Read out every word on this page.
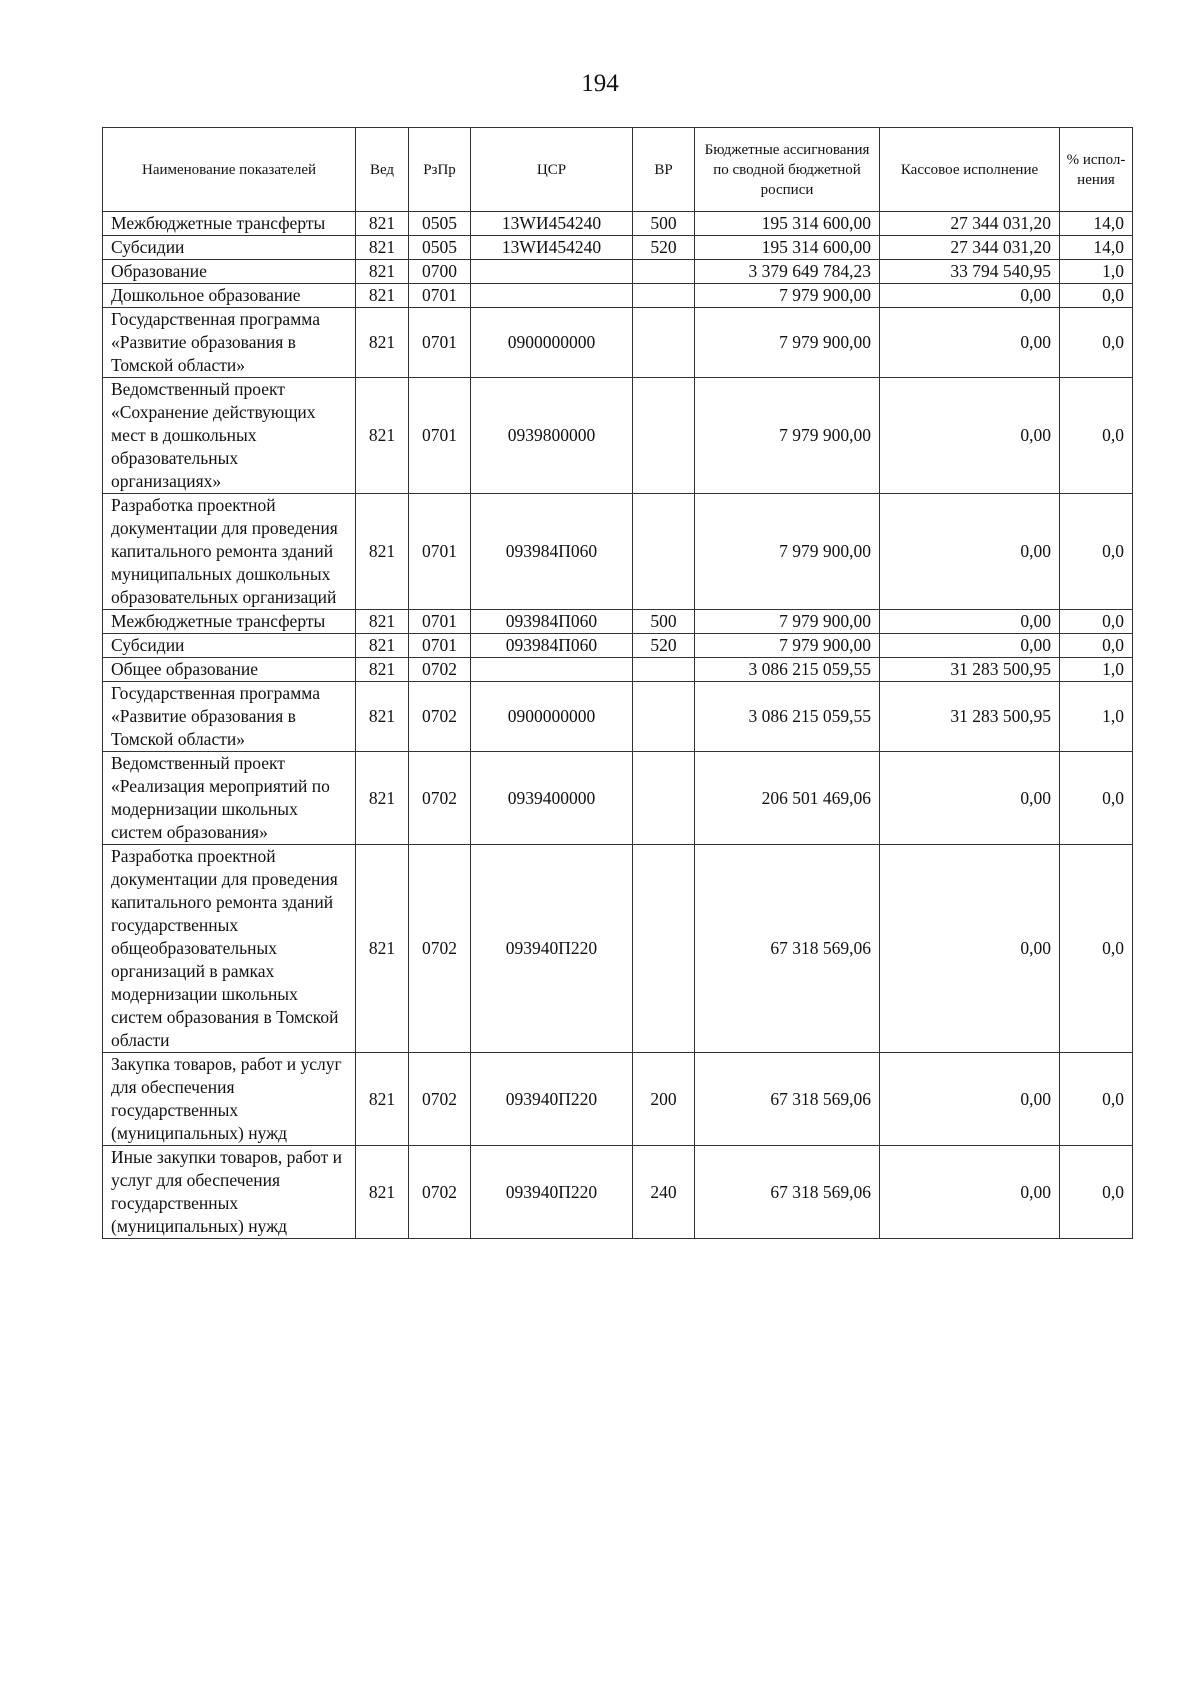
194
Наименование показателей	Вед	РзПр	ЦСР	ВР	Бюджетные ассигнования по сводной бюджетной росписи	Кассовое исполнение	% испол-нения
Межбюджетные трансферты	821	0505	13WИ454240	500	195 314 600,00	27 344 031,20	14,0
Субсидии	821	0505	13WИ454240	520	195 314 600,00	27 344 031,20	14,0
Образование	821	0700			3 379 649 784,23	33 794 540,95	1,0
Дошкольное образование	821	0701			7 979 900,00	0,00	0,0
Государственная программа «Развитие образования в Томской области»	821	0701	0900000000		7 979 900,00	0,00	0,0
Ведомственный проект «Сохранение действующих мест в дошкольных образовательных организациях»	821	0701	0939800000		7 979 900,00	0,00	0,0
Разработка проектной документации для проведения капитального ремонта зданий муниципальных дошкольных образовательных организаций	821	0701	093984П060		7 979 900,00	0,00	0,0
Межбюджетные трансферты	821	0701	093984П060	500	7 979 900,00	0,00	0,0
Субсидии	821	0701	093984П060	520	7 979 900,00	0,00	0,0
Общее образование	821	0702			3 086 215 059,55	31 283 500,95	1,0
Государственная программа «Развитие образования в Томской области»	821	0702	0900000000		3 086 215 059,55	31 283 500,95	1,0
Ведомственный проект «Реализация мероприятий по модернизации школьных систем образования»	821	0702	0939400000		206 501 469,06	0,00	0,0
Разработка проектной документации для проведения капитального ремонта зданий государственных общеобразовательных организаций в рамках модернизации школьных систем образования в Томской области	821	0702	093940П220		67 318 569,06	0,00	0,0
Закупка товаров, работ и услуг для обеспечения государственных (муниципальных) нужд	821	0702	093940П220	200	67 318 569,06	0,00	0,0
Иные закупки товаров, работ и услуг для обеспечения государственных (муниципальных) нужд	821	0702	093940П220	240	67 318 569,06	0,00	0,0
